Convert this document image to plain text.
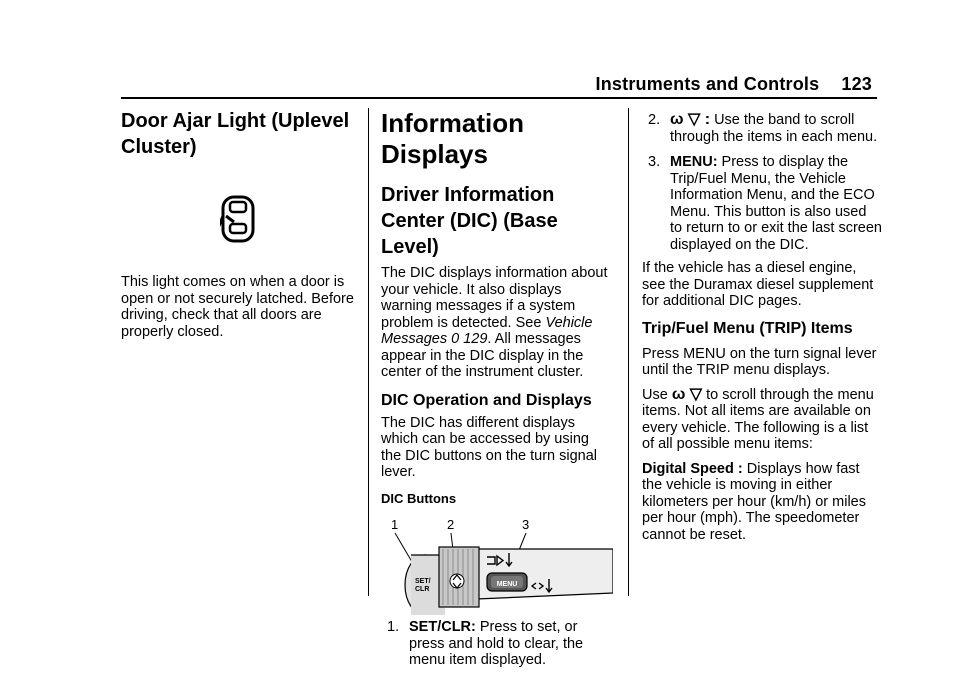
Instruments and Controls 123
Door Ajar Light (Uplevel Cluster)

This light comes on when a door is open or not securely latched. Before driving, check that all doors are properly closed.

Information Displays
Driver Information Center (DIC) (Base Level)

The DIC displays information about your vehicle. It also displays warning messages if a system problem is detected. See Vehicle Messages 0 129. All messages appear in the DIC display in the center of the instrument cluster.

DIC Operation and Displays

The DIC has different displays which can be accessed by using the DIC buttons on the turn signal lever.

DIC Buttons

1	2	3
SET/
CLR
MENU
1. SET/CLR: Press to set, or press and hold to clear, the menu item displayed.
2. ω ▽ : Use the band to scroll through the items in each menu.
3. MENU: Press to display the Trip/Fuel Menu, the Vehicle Information Menu, and the ECO Menu. This button is also used to return to or exit the last screen displayed on the DIC.

If the vehicle has a diesel engine, see the Duramax diesel supplement for additional DIC pages.

Trip/Fuel Menu (TRIP) Items

Press MENU on the turn signal lever until the TRIP menu displays.

Use ω ▽ to scroll through the menu items. Not all items are available on every vehicle. The following is a list of all possible menu items:

Digital Speed : Displays how fast the vehicle is moving in either kilometers per hour (km/h) or miles per hour (mph). The speedometer cannot be reset.
